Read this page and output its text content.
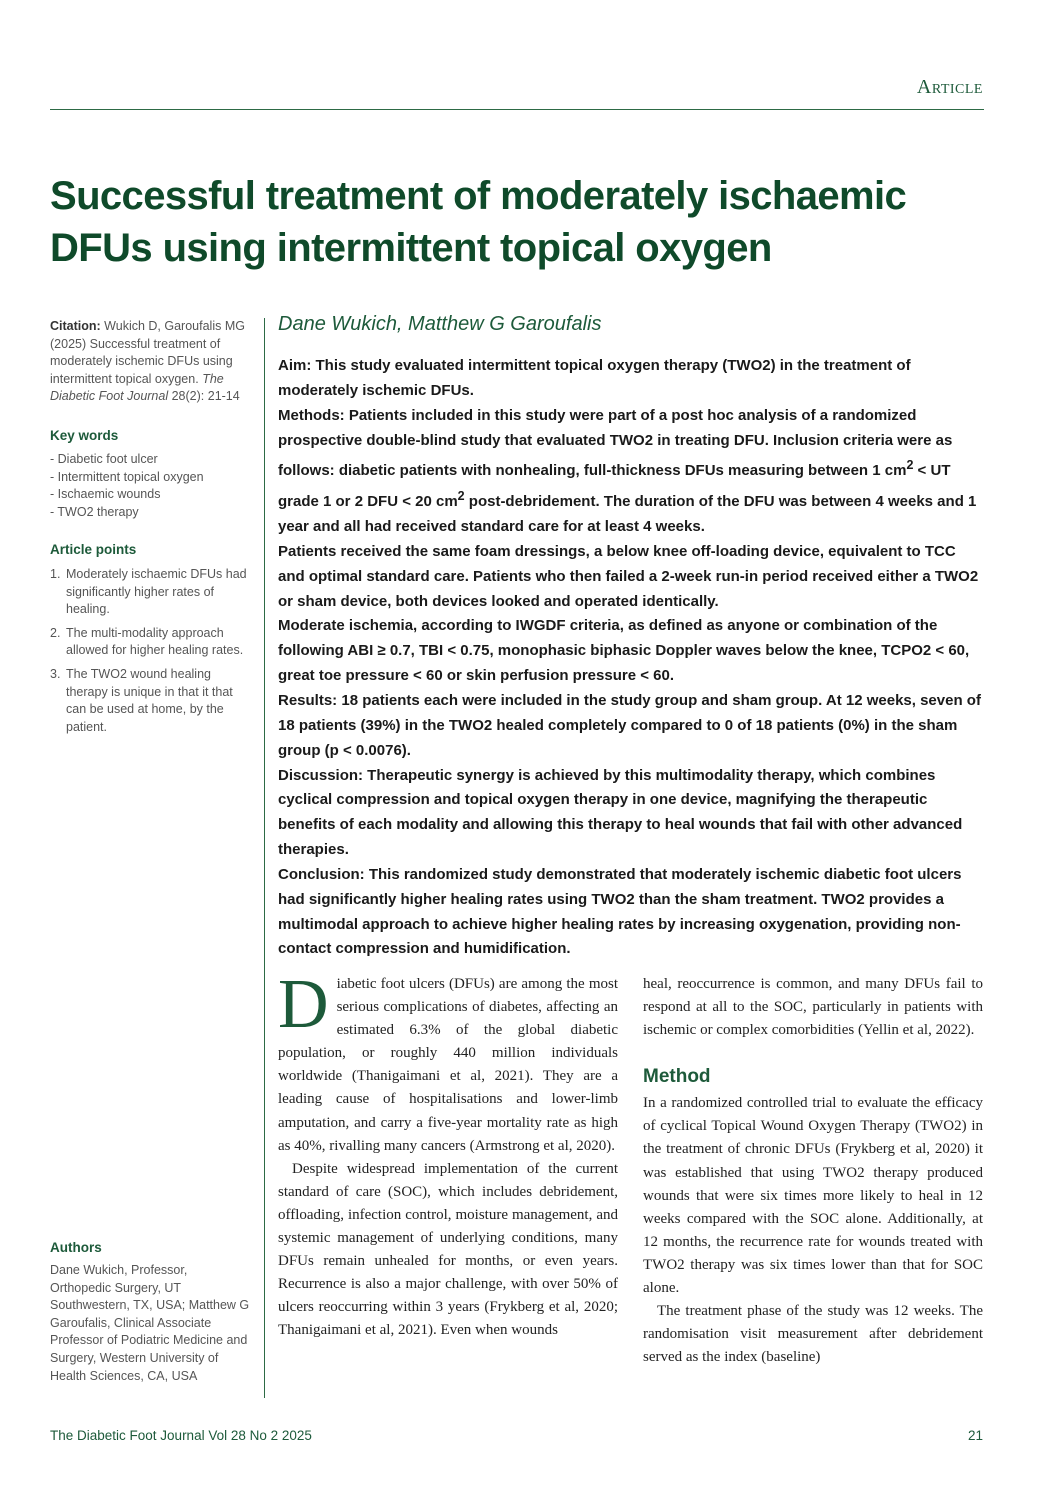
Article
Successful treatment of moderately ischaemic DFUs using intermittent topical oxygen
Citation: Wukich D, Garoufalis MG (2025) Successful treatment of moderately ischemic DFUs using intermittent topical oxygen. The Diabetic Foot Journal 28(2): 21-14
Key words
- Diabetic foot ulcer
- Intermittent topical oxygen
- Ischaemic wounds
- TWO2 therapy
Article points
1. Moderately ischaemic DFUs had significantly higher rates of healing.
2. The multi-modality approach allowed for higher healing rates.
3. The TWO2 wound healing therapy is unique in that it that can be used at home, by the patient.
Authors
Dane Wukich, Professor, Orthopedic Surgery, UT Southwestern, TX, USA; Matthew G Garoufalis, Clinical Associate Professor of Podiatric Medicine and Surgery, Western University of Health Sciences, CA, USA
Dane Wukich, Matthew G Garoufalis

Aim: This study evaluated intermittent topical oxygen therapy (TWO2) in the treatment of moderately ischemic DFUs.

Methods: Patients included in this study were part of a post hoc analysis of a randomized prospective double-blind study that evaluated TWO2 in treating DFU. Inclusion criteria were as follows: diabetic patients with nonhealing, full-thickness DFUs measuring between 1 $cm^2$ < UT grade 1 or 2 DFU < 20 $cm^2$ post-debridement. The duration of the DFU was between 4 weeks and 1 year and all had received standard care for at least 4 weeks.

Patients received the same foam dressings, a below knee off-loading device, equivalent to TCC and optimal standard care. Patients who then failed a 2-week run-in period received either a TWO2 or sham device, both devices looked and operated identically.

Moderate ischemia, according to IWGDF criteria, as defined as anyone or combination of the following ABI ≥ 0.7, TBI < 0.75, monophasic biphasic Doppler waves below the knee, TCPO2 < 60, great toe pressure < 60 or skin perfusion pressure < 60.

Results: 18 patients each were included in the study group and sham group. At 12 weeks, seven of 18 patients (39%) in the TWO2 healed completely compared to 0 of 18 patients (0%) in the sham group (p < 0.0076).

Discussion: Therapeutic synergy is achieved by this multimodality therapy, which combines cyclical compression and topical oxygen therapy in one device, magnifying the therapeutic benefits of each modality and allowing this therapy to heal wounds that fail with other advanced therapies.

Conclusion: This randomized study demonstrated that moderately ischemic diabetic foot ulcers had significantly higher healing rates using TWO2 than the sham treatment. TWO2 provides a multimodal approach to achieve higher healing rates by increasing oxygenation, providing non-contact compression and humidification.

Diabetic foot ulcers (DFUs) are among the most serious complications of diabetes, affecting an estimated 6.3% of the global diabetic population, or roughly 440 million individuals worldwide (Thanigaimani et al, 2021). They are a leading cause of hospitalisations and lower-limb amputation, and carry a five-year mortality rate as high as 40%, rivalling many cancers (Armstrong et al, 2020).

Despite widespread implementation of the current standard of care (SOC), which includes debridement, offloading, infection control, moisture management, and systemic management of underlying conditions, many DFUs remain unhealed for months, or even years. Recurrence is also a major challenge, with over 50% of ulcers reoccurring within 3 years (Frykberg et al, 2020; Thanigaimani et al, 2021). Even when wounds

heal, reoccurrence is common, and many DFUs fail to respond at all to the SOC, particularly in patients with ischemic or complex comorbidities (Yellin et al, 2022).

Method

In a randomized controlled trial to evaluate the efficacy of cyclical Topical Wound Oxygen Therapy (TWO2) in the treatment of chronic DFUs (Frykberg et al, 2020) it was established that using TWO2 therapy produced wounds that were six times more likely to heal in 12 weeks compared with the SOC alone. Additionally, at 12 months, the recurrence rate for wounds treated with TWO2 therapy was six times lower than that for SOC alone.

The treatment phase of the study was 12 weeks. The randomisation visit measurement after debridement served as the index (baseline)

The Diabetic Foot Journal Vol 28 No 2 2025	21
